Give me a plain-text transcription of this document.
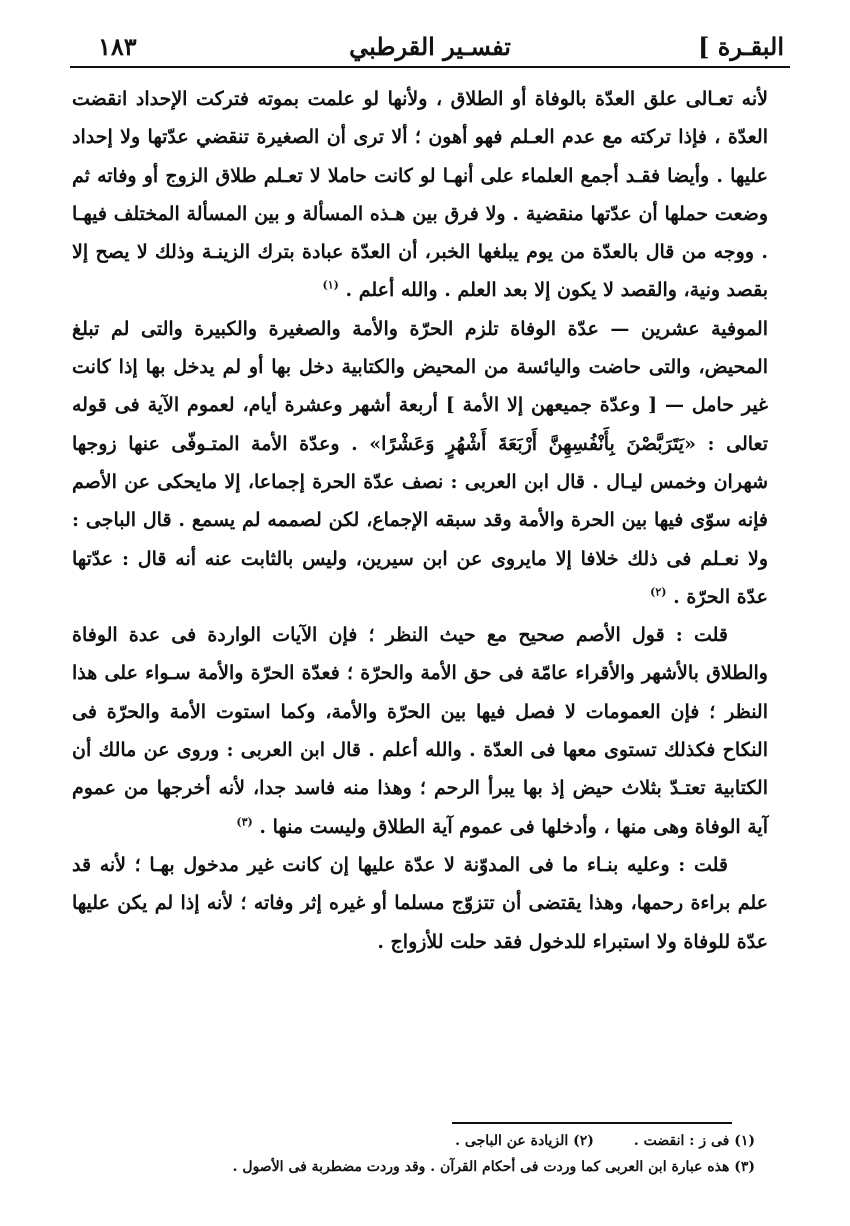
١٨٣	تفسـير القرطبي	البقـرة ]

لأنه تعـالى علق العدّة بالوفاة أو الطلاق ، ولأنها لو علمت بموته فتركت الإحداد انقضت العدّة ، فإذا تركته مع عدم العـلم فهو أهون ؛ ألا ترى أن الصغيرة تنقضي عدّتها ولا إحداد عليها . وأيضا فقـد أجمع العلماء على أنهـا لو كانت حاملا لا تعـلم طلاق الزوج أو وفاته ثم وضعت حملها أن عدّتها منقضية . ولا فرق بين هـذه المسألة و بين المسألة المختلف فيهـا . ووجه من قال بالعدّة من يوم يبلغها الخبر، أن العدّة عبادة بترك الزينـة وذلك لا يصح إلا بقصد ونية، والقصد لا يكون إلا بعد العلم . والله أعلم . $^{(١)}$

الموفية عشرين — عدّة الوفاة تلزم الحرّة والأمة والصغيرة والكبيرة والتى لم تبلغ المحيض، والتى حاضت واليائسة من المحيض والكتابية دخل بها أو لم يدخل بها إذا كانت غير حامل — [ وعدّة جميعهن إلا الأمة ] أربعة أشهر وعشرة أيام، لعموم الآية فى قوله تعالى : «يَتَرَبَّصْنَ بِأَنْفُسِهِنَّ أَرْبَعَةَ أَشْهُرٍ وَعَشْرًا» . وعدّة الأمة المتـوفّى عنها زوجها شهران وخمس ليـال . قال ابن العربى : نصف عدّة الحرة إجماعا، إلا مايحكى عن الأصم فإنه سوّى فيها بين الحرة والأمة وقد سبقه الإجماع، لكن لصممه لم يسمع . قال الباجى : ولا نعـلم فى ذلك خلافا إلا مايروى عن ابن سيرين، وليس بالثابت عنه أنه قال : عدّتها عدّة الحرّة . $^{(٢)}$

قلت : قول الأصم صحيح مع حيث النظر ؛ فإن الآيات الواردة فى عدة الوفاة والطلاق بالأشهر والأقراء عامّة فى حق الأمة والحرّة ؛ فعدّة الحرّة والأمة سـواء على هذا النظر ؛ فإن العمومات لا فصل فيها بين الحرّة والأمة، وكما استوت الأمة والحرّة فى النكاح فكذلك تستوى معها فى العدّة . والله أعلم . قال ابن العربى : وروى عن مالك أن الكتابية تعتـدّ بثلاث حيض إذ بها يبرأ الرحم ؛ وهذا منه فاسد جدا، لأنه أخرجها من عموم آية الوفاة وهى منها ، وأدخلها فى عموم آية الطلاق وليست منها . $^{(٣)}$

قلت : وعليه بنـاء ما فى المدوّنة لا عدّة عليها إن كانت غير مدخول بهـا ؛ لأنه قد علم براءة رحمها، وهذا يقتضى أن تتزوّج مسلما أو غيره إثر وفاته ؛ لأنه إذا لم يكن عليها عدّة للوفاة ولا استبراء للدخول فقد حلت للأزواج .

(١) فى ز : انقضت .
(٢) الزيادة عن الباجى .
(٣) هذه عبارة ابن العربى كما وردت فى أحكام القرآن . وقد وردت مضطربة فى الأصول .
